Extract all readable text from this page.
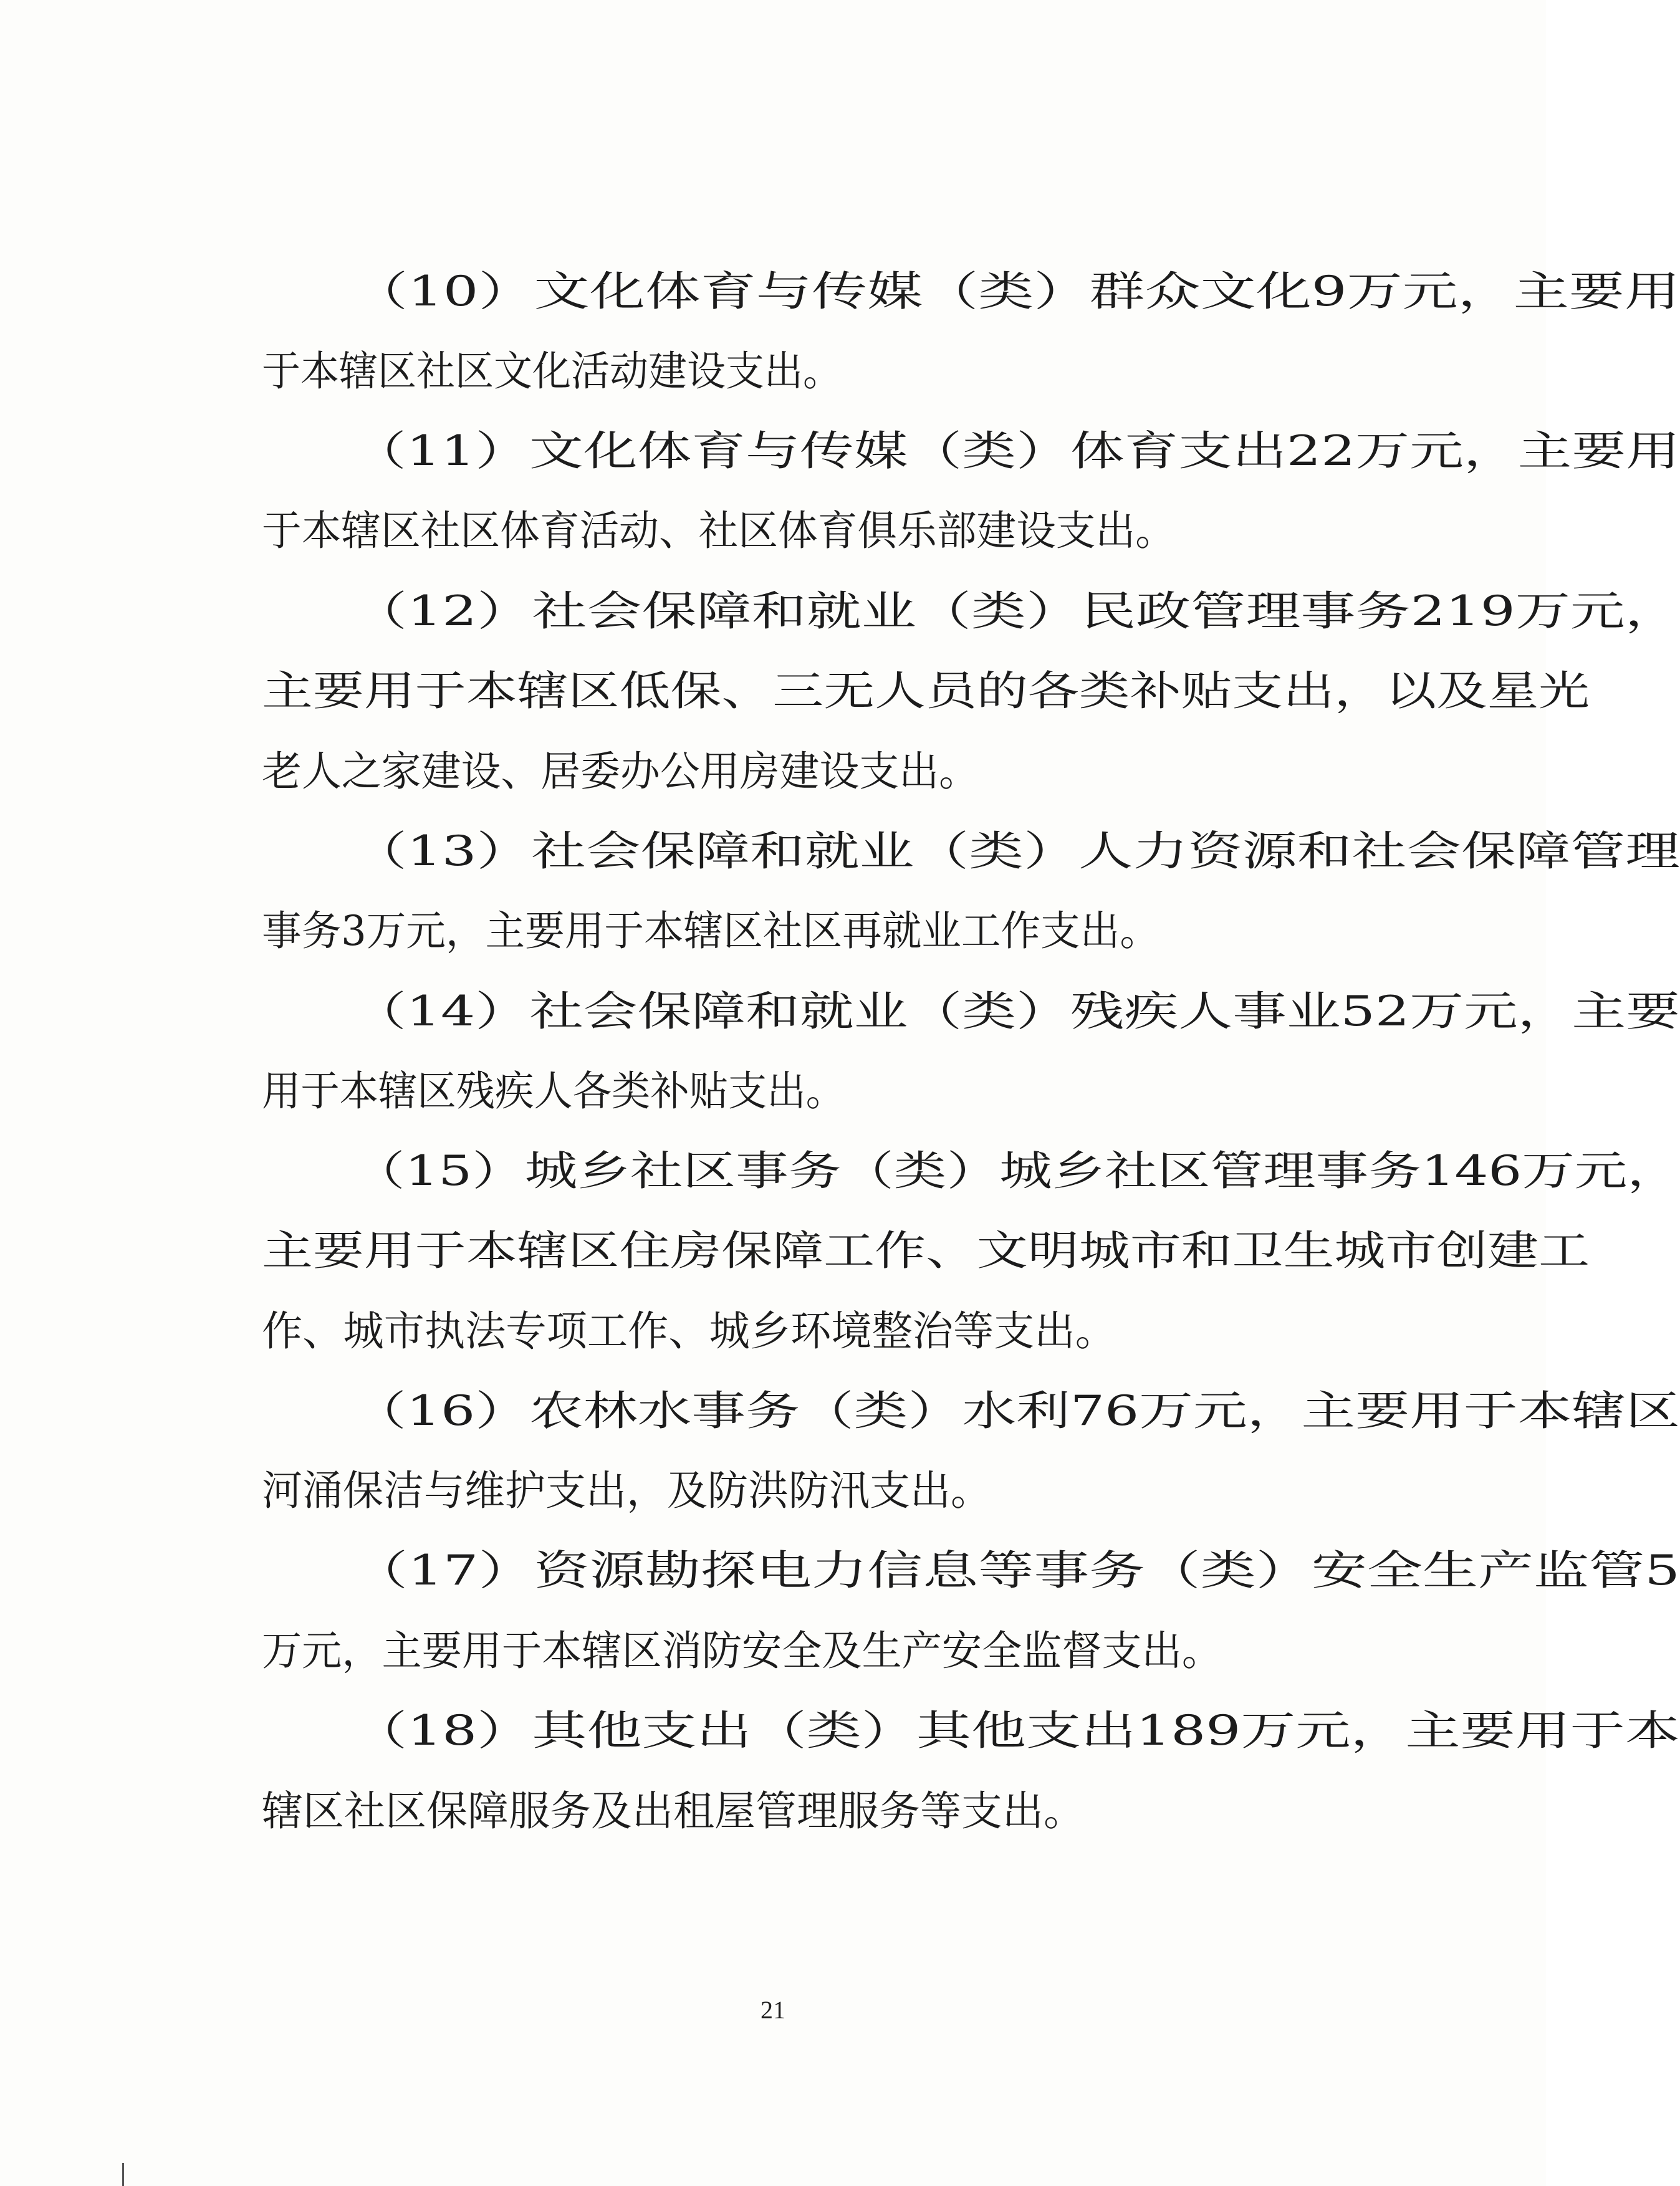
（10）文化体育与传媒（类）群众文化9万元，主要用
于本辖区社区文化活动建设支出。
（11）文化体育与传媒（类）体育支出22万元，主要用
于本辖区社区体育活动、社区体育俱乐部建设支出。
（12）社会保障和就业（类）民政管理事务219万元，
主要用于本辖区低保、三无人员的各类补贴支出，以及星光
老人之家建设、居委办公用房建设支出。
（13）社会保障和就业（类）人力资源和社会保障管理
事务3万元，主要用于本辖区社区再就业工作支出。
（14）社会保障和就业（类）残疾人事业52万元，主要
用于本辖区残疾人各类补贴支出。
（15）城乡社区事务（类）城乡社区管理事务146万元，
主要用于本辖区住房保障工作、文明城市和卫生城市创建工
作、城市执法专项工作、城乡环境整治等支出。
（16）农林水事务（类）水利76万元，主要用于本辖区
河涌保洁与维护支出，及防洪防汛支出。
（17）资源勘探电力信息等事务（类）安全生产监管5
万元，主要用于本辖区消防安全及生产安全监督支出。
（18）其他支出（类）其他支出189万元，主要用于本
辖区社区保障服务及出租屋管理服务等支出。
21
